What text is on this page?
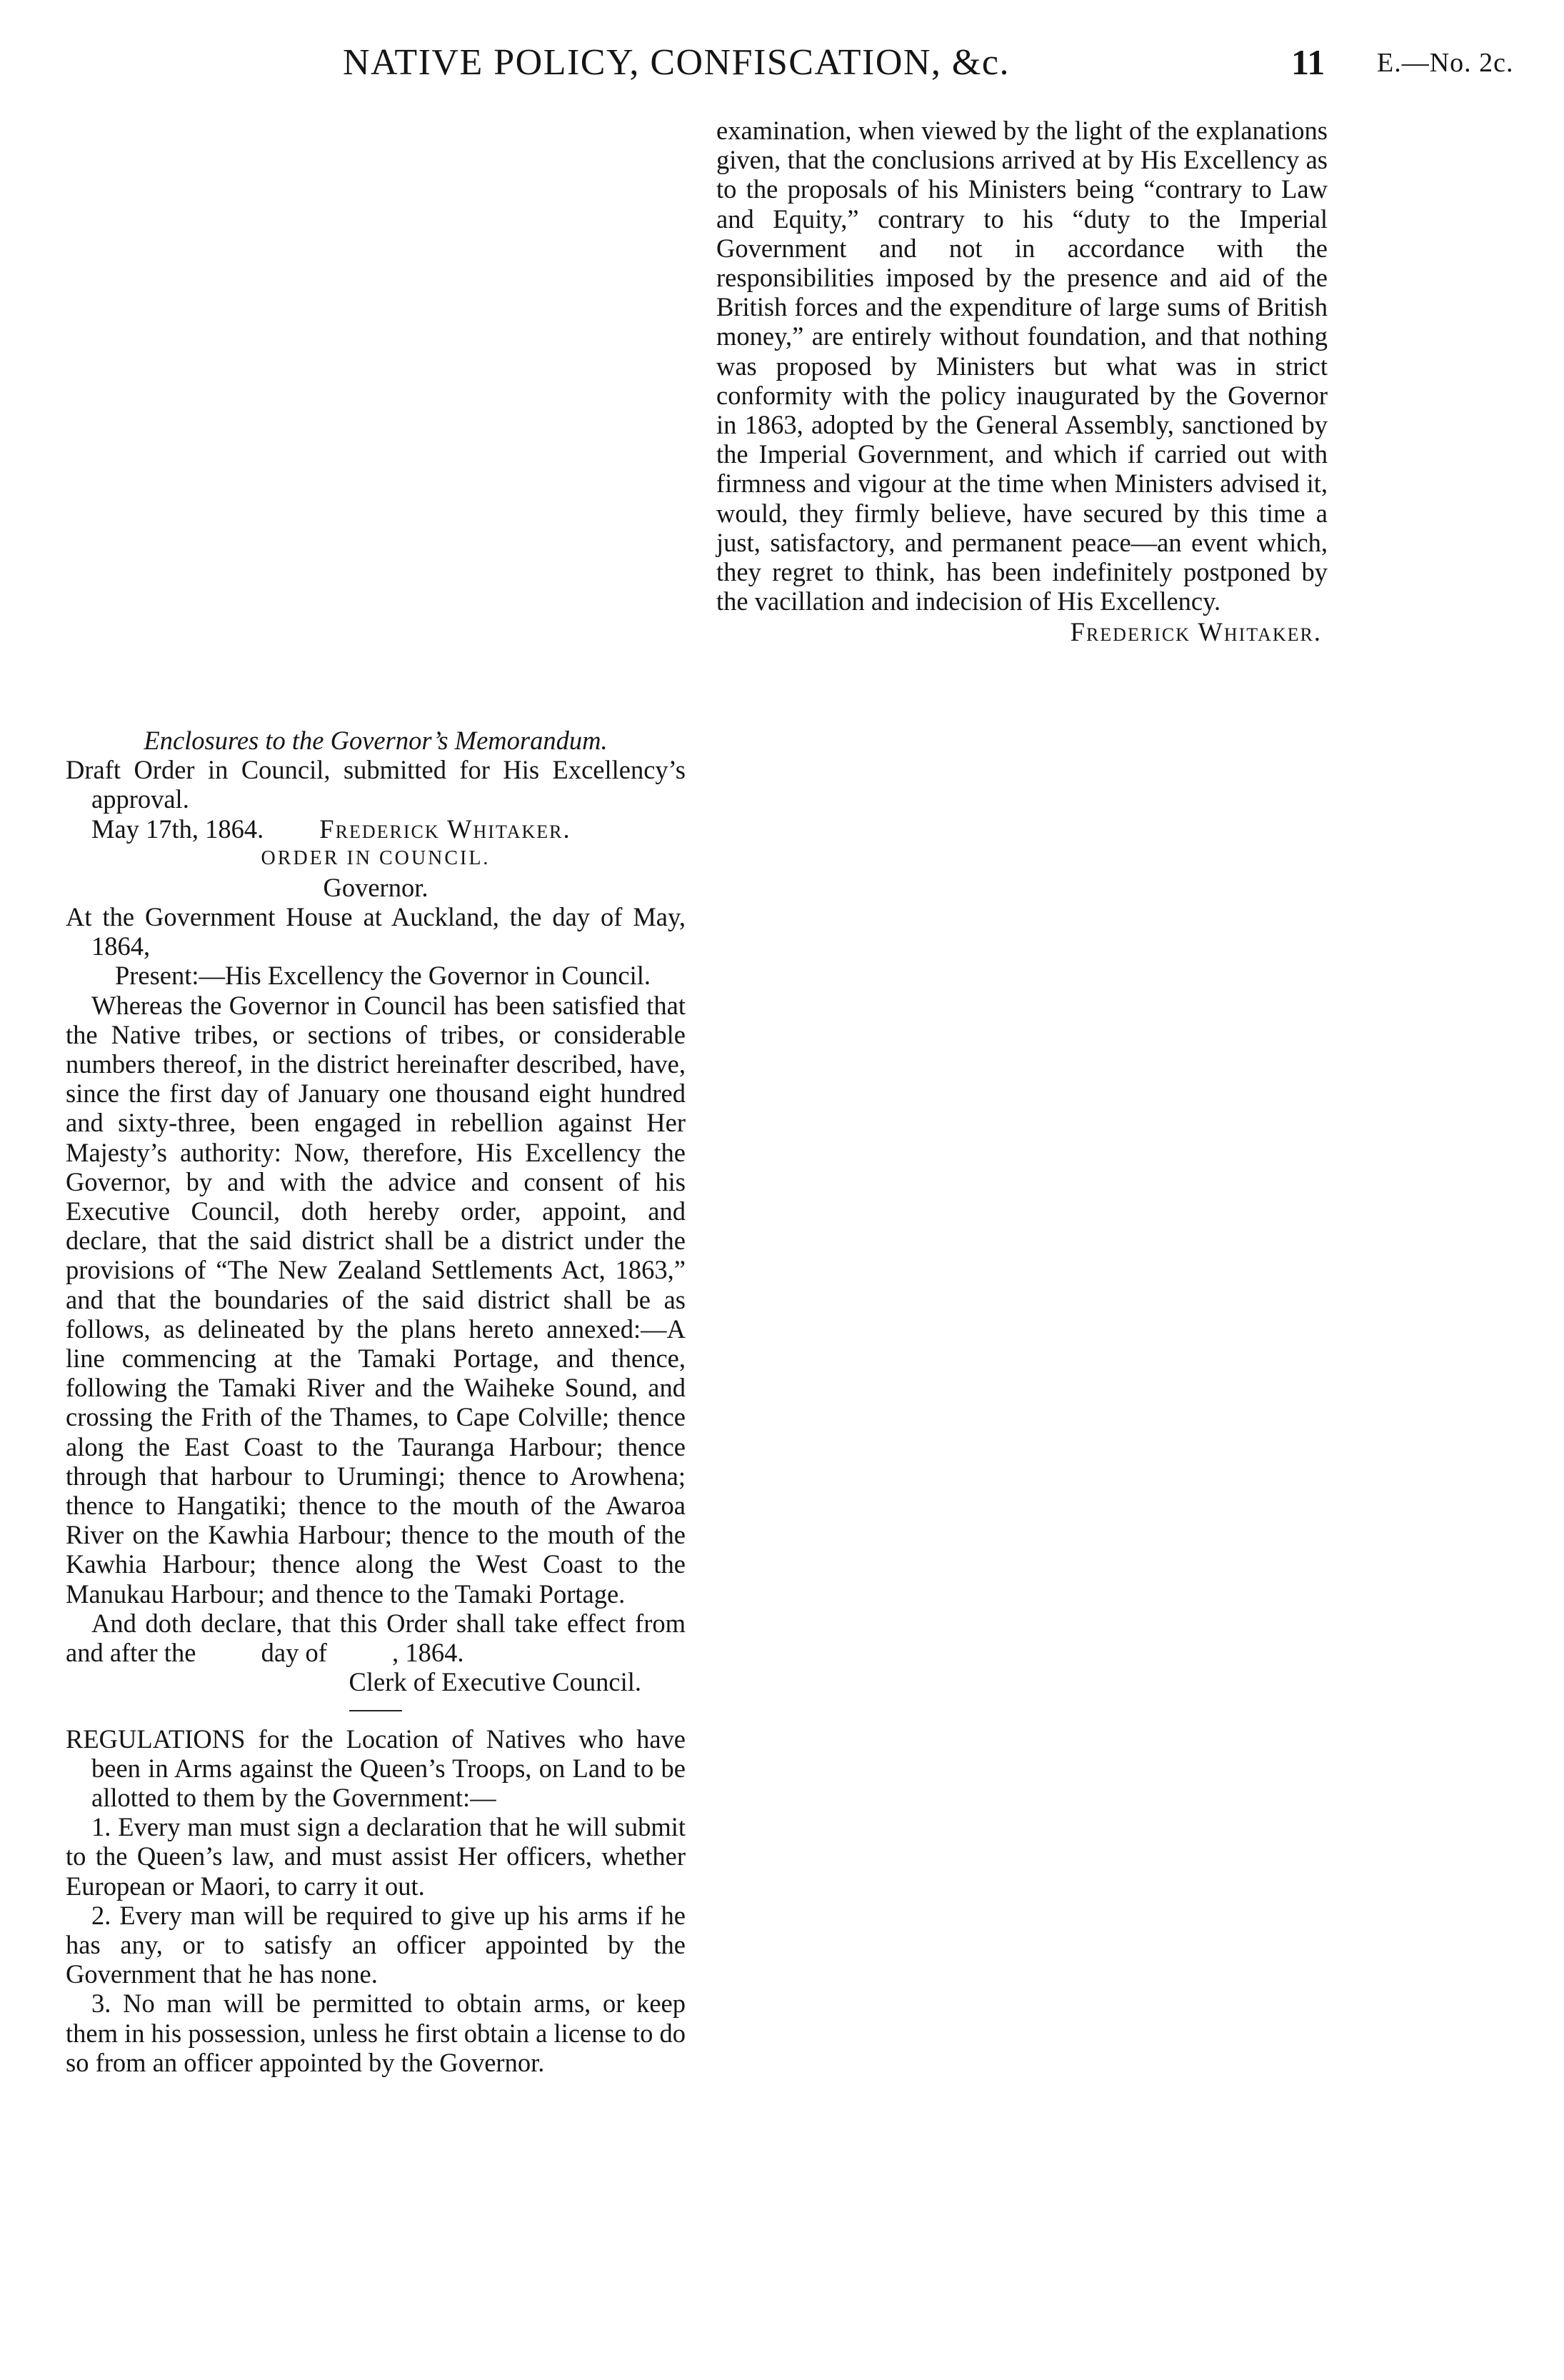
NATIVE POLICY, CONFISCATION, &c.	11 E.—No. 2c.

examination, when viewed by the light of the explanations given, that the conclusions arrived at by His Excellency as to the proposals of his Ministers being “contrary to Law and Equity,” contrary to his “duty to the Imperial Government and not in accordance with the responsibilities imposed by the presence and aid of the British forces and the expenditure of large sums of British money,” are entirely without foundation, and that nothing was proposed by Ministers but what was in strict conformity with the policy inaugurated by the Governor in 1863, adopted by the General Assembly, sanctioned by the Imperial Government, and which if carried out with firmness and vigour at the time when Ministers advised it, would, they firmly believe, have secured by this time a just, satisfactory, and permanent peace—an event which, they regret to think, has been indefinitely postponed by the vacillation and indecision of His Excellency.

Frederick Whitaker.

Enclosures to the Governor’s Memorandum.

Draft Order in Council, submitted for His Excellency’s approval.

May 17th, 1864. Frederick Whitaker.

ORDER IN COUNCIL.

Governor.

At the Government House at Auckland, the day of May, 1864,

Present:—His Excellency the Governor in Council.

Whereas the Governor in Council has been satisfied that the Native tribes, or sections of tribes, or considerable numbers thereof, in the district hereinafter described, have, since the first day of January one thousand eight hundred and sixty-three, been engaged in rebellion against Her Majesty’s authority: Now, therefore, His Excellency the Governor, by and with the advice and consent of his Executive Council, doth hereby order, appoint, and declare, that the said district shall be a district under the provisions of “The New Zealand Settlements Act, 1863,” and that the boundaries of the said district shall be as follows, as delineated by the plans hereto annexed:—A line commencing at the Tamaki Portage, and thence, following the Tamaki River and the Waiheke Sound, and crossing the Frith of the Thames, to Cape Colville; thence along the East Coast to the Tauranga Harbour; thence through that harbour to Urumingi; thence to Arowhena; thence to Hangatiki; thence to the mouth of the Awaroa River on the Kawhia Harbour; thence to the mouth of the Kawhia Harbour; thence along the West Coast to the Manukau Harbour; and thence to the Tamaki Portage.

And doth declare, that this Order shall take effect from and after the          day of          , 1864.

Clerk of Executive Council.

REGULATIONS for the Location of Natives who have been in Arms against the Queen’s Troops, on Land to be allotted to them by the Government:—

1. Every man must sign a declaration that he will submit to the Queen’s law, and must assist Her officers, whether European or Maori, to carry it out.

2. Every man will be required to give up his arms if he has any, or to satisfy an officer appointed by the Government that he has none.

3. No man will be permitted to obtain arms, or keep them in his possession, unless he first obtain a license to do so from an officer appointed by the Governor.
